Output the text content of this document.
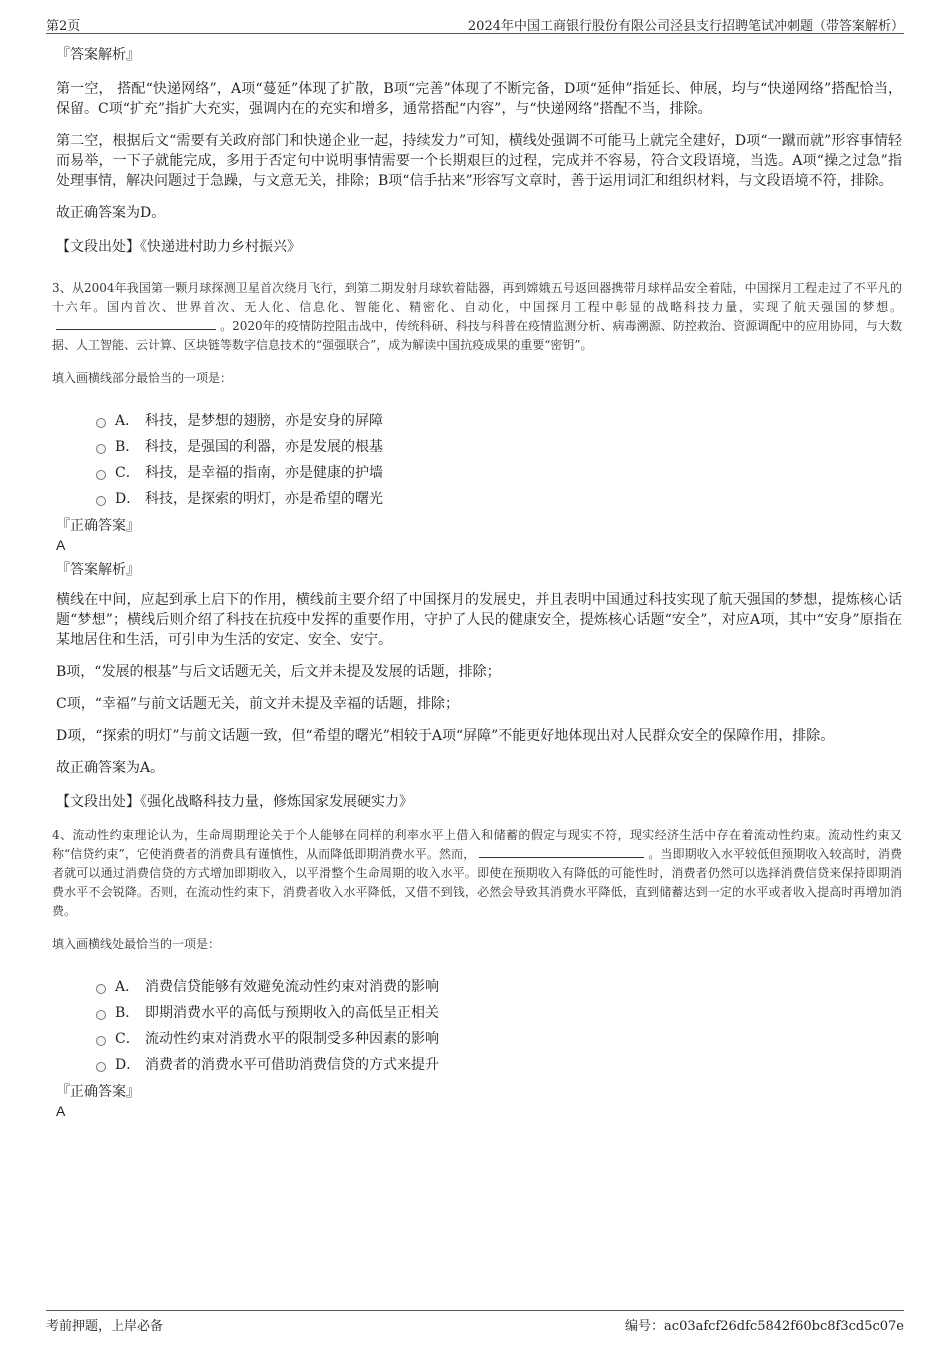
第2页	2024年中国工商银行股份有限公司泾县支行招聘笔试冲刺题（带答案解析）

『答案解析』

第一空， 搭配“快递网络”，A项“蔓延”体现了扩散，B项“完善”体现了不断完备，D项“延伸”指延长、伸展，均与“快递网络”搭配恰当，保留。C项“扩充”指扩大充实，强调内在的充实和增多，通常搭配“内容”，与“快递网络”搭配不当，排除。

第二空，根据后文“需要有关政府部门和快递企业一起，持续发力”可知，横线处强调不可能马上就完全建好，D项“一蹴而就”形容事情轻而易举，一下子就能完成，多用于否定句中说明事情需要一个长期艰巨的过程，完成并不容易，符合文段语境，当选。A项“操之过急”指处理事情，解决问题过于急躁，与文意无关，排除；B项“信手拈来”形容写文章时，善于运用词汇和组织材料，与文段语境不符，排除。

故正确答案为D。

【文段出处】《快递进村助力乡村振兴》

3、从2004年我国第一颗月球探测卫星首次绕月飞行，到第二期发射月球软着陆器，再到嫦娥五号返回器携带月球样品安全着陆，中国探月工程走过了不平凡的十六年。国内首次、世界首次、无人化、信息化、智能化、精密化、自动化，中国探月工程中彰显的战略科技力量，实现了航天强国的梦想。。2020年的疫情防控阻击战中，传统科研、科技与科普在疫情监测分析、病毒溯源、防控救治、资源调配中的应用协同，与大数据、人工智能、云计算、区块链等数字信息技术的“强强联合”，成为解读中国抗疫成果的重要“密钥”。

填入画横线部分最恰当的一项是：

A． 科技，是梦想的翅膀，亦是安身的屏障
B． 科技，是强国的利器，亦是发展的根基
C． 科技，是幸福的指南，亦是健康的护墙
D． 科技，是探索的明灯，亦是希望的曙光

『正确答案』

A

『答案解析』

横线在中间，应起到承上启下的作用，横线前主要介绍了中国探月的发展史，并且表明中国通过科技实现了航天强国的梦想，提炼核心话题“梦想”；横线后则介绍了科技在抗疫中发挥的重要作用，守护了人民的健康安全，提炼核心话题“安全”，对应A项，其中“安身”原指在某地居住和生活，可引申为生活的安定、安全、安宁。

B项，“发展的根基”与后文话题无关，后文并未提及发展的话题，排除；

C项，“幸福”与前文话题无关，前文并未提及幸福的话题，排除；

D项，“探索的明灯”与前文话题一致，但“希望的曙光”相较于A项“屏障”不能更好地体现出对人民群众安全的保障作用，排除。

故正确答案为A。

【文段出处】《强化战略科技力量，修炼国家发展硬实力》

4、流动性约束理论认为，生命周期理论关于个人能够在同样的利率水平上借入和储蓄的假定与现实不符，现实经济生活中存在着流动性约束。流动性约束又称“信贷约束”，它使消费者的消费具有谨慎性，从而降低即期消费水平。然而，	。当即期收入水平较低但预期收入较高时，消费者就可以通过消费信贷的方式增加即期收入，以平滑整个生命周期的收入水平。即使在预期收入有降低的可能性时，消费者仍然可以选择消费信贷来保持即期消费水平不会锐降。否则，在流动性约束下，消费者收入水平降低，又借不到钱，必然会导致其消费水平降低，直到储蓄达到一定的水平或者收入提高时再增加消费。

填入画横线处最恰当的一项是：

A． 消费信贷能够有效避免流动性约束对消费的影响
B． 即期消费水平的高低与预期收入的高低呈正相关
C． 流动性约束对消费水平的限制受多种因素的影响
D． 消费者的消费水平可借助消费信贷的方式来提升

『正确答案』

A

考前押题，上岸必备	编号：ac03afcf26dfc5842f60bc8f3cd5c07e
